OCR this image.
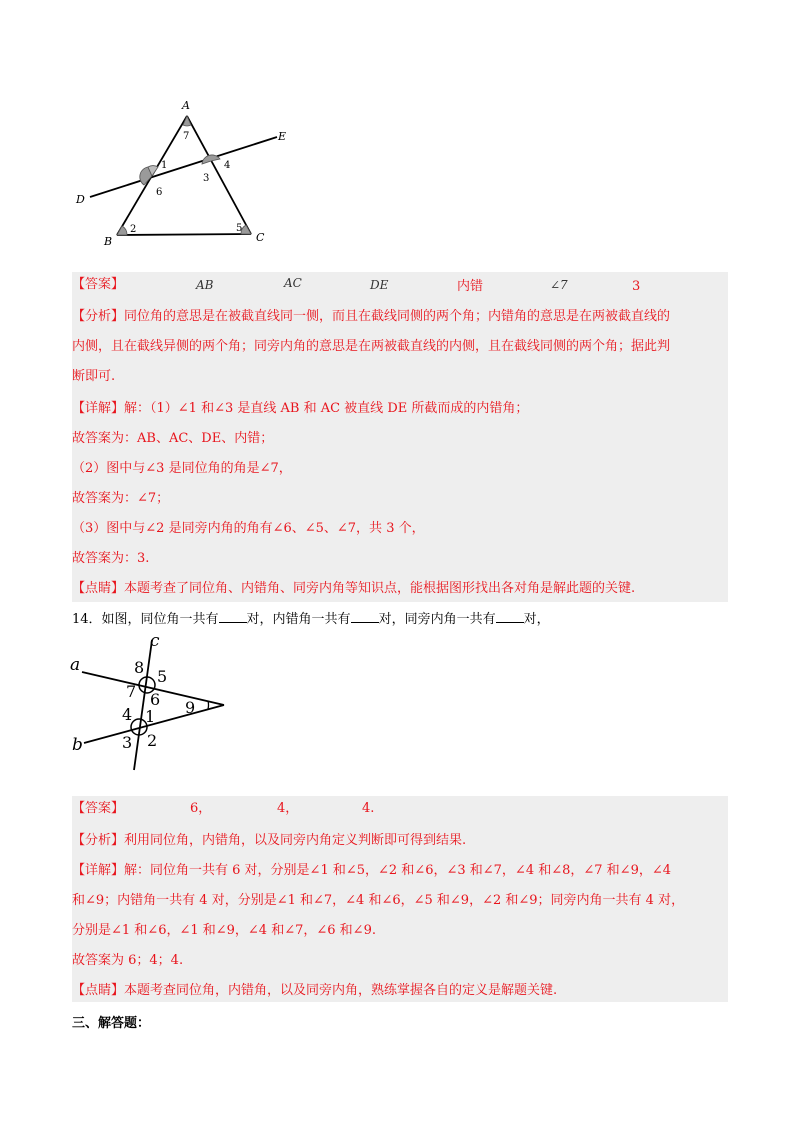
A
B	C
D
E
7
1
6
3
4
2	5
【答案】	AB	AC	DE	内错	∠7	3
【分析】同位角的意思是在被截直线同一侧，而且在截线同侧的两个角；内错角的意思是在两被截直线的
内侧，且在截线异侧的两个角；同旁内角的意思是在两被截直线的内侧，且在截线同侧的两个角；据此判
断即可.
【详解】解：（1）∠1 和∠3 是直线 AB 和 AC 被直线 DE 所截而成的内错角；
故答案为：AB、AC、DE、内错；
（2）图中与∠3 是同位角的角是∠7，
故答案为：∠7；
（3）图中与∠2 是同旁内角的角有∠6、∠5、∠7，共 3 个，
故答案为：3.
【点睛】本题考查了同位角、内错角、同旁内角等知识点，能根据图形找出各对角是解此题的关键.
14．如图，同位角一共有 对，内错角一共有 对，同旁内角一共有 对，
a
b
c
8 5
7 6 9
4 1
3 2
【答案】	6，	4，	4.
【分析】利用同位角，内错角，以及同旁内角定义判断即可得到结果.
【详解】解：同位角一共有 6 对，分别是∠1 和∠5，∠2 和∠6，∠3 和∠7，∠4 和∠8，∠7 和∠9，∠4
和∠9；内错角一共有 4 对，分别是∠1 和∠7，∠4 和∠6，∠5 和∠9，∠2 和∠9；同旁内角一共有 4 对，
分别是∠1 和∠6，∠1 和∠9，∠4 和∠7，∠6 和∠9.
故答案为 6；4；4.
【点睛】本题考查同位角，内错角，以及同旁内角，熟练掌握各自的定义是解题关键.
三、解答题：
